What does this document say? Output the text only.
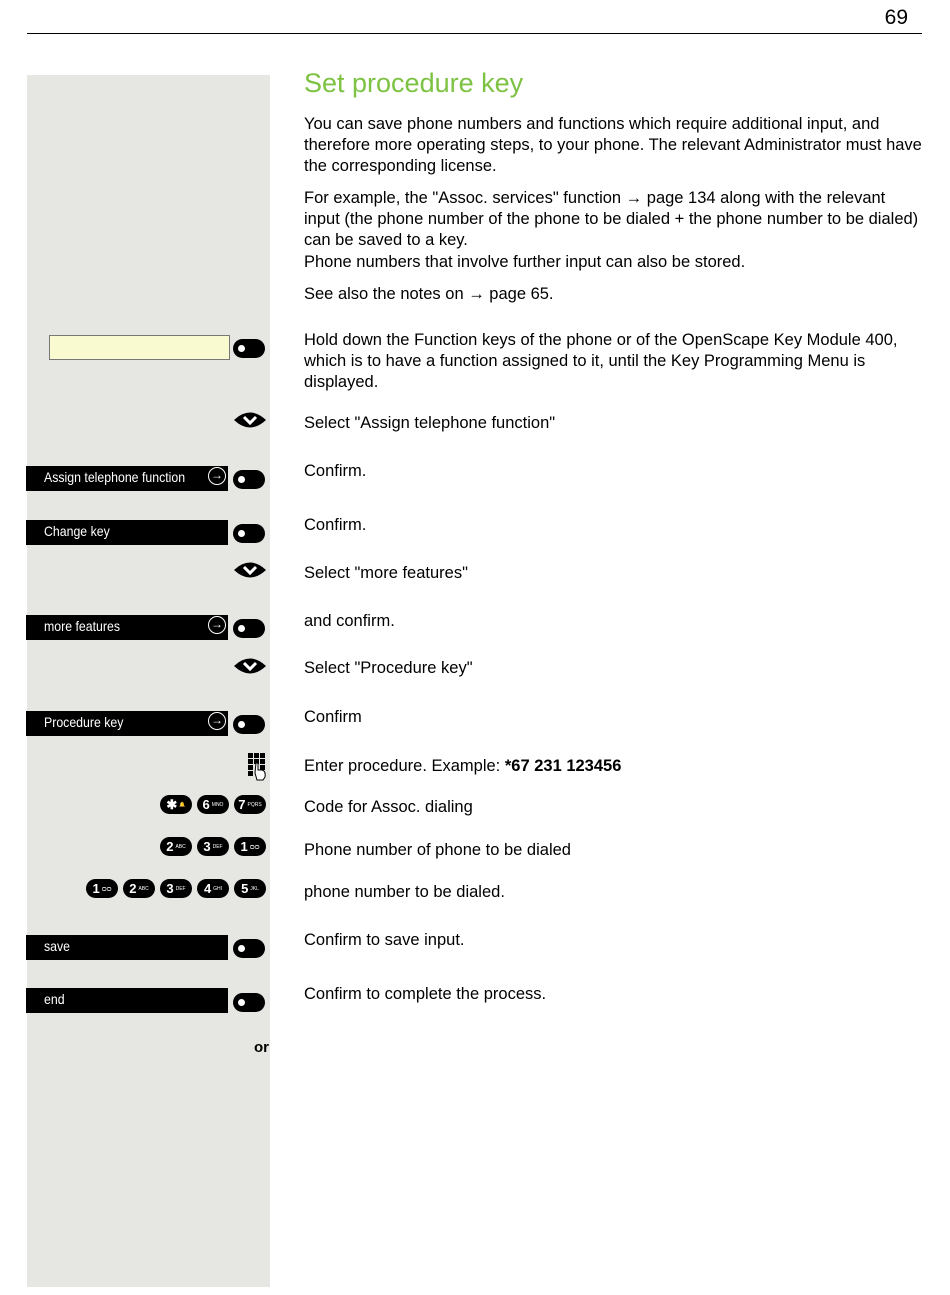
69
Set procedure key
You can save phone numbers and functions which require additional input, and therefore more operating steps, to your phone. The relevant Administrator must have the corresponding license.
For example, the "Assoc. services" function → page 134 along with the relevant input (the phone number of the phone to be dialed + the phone number to be dialed) can be saved to a key.
Phone numbers that involve further input can also be stored.
See also the notes on → page 65.
Hold down the Function keys of the phone or of the OpenScape Key Module 400, which is to have a function assigned to it, until the Key Programming Menu is displayed.
Select "Assign telephone function"
Assign telephone function →	Confirm.
Change key	Confirm.
Select "more features"
more features	→	and confirm.
Select "Procedure key"
Procedure key	→	Confirm
Enter procedure. Example: *67 231 123456
✱ 🔔 6 MNO 7 PQRS	Code for Assoc. dialing
2 ABC 3 DEF 1 ᴑᴑ	Phone number of phone to be dialed
1 ᴑᴑ 2 ABC 3 DEF 4 GHI 5 JKL	phone number to be dialed.
save	Confirm to save input.
end	Confirm to complete the process.
or
